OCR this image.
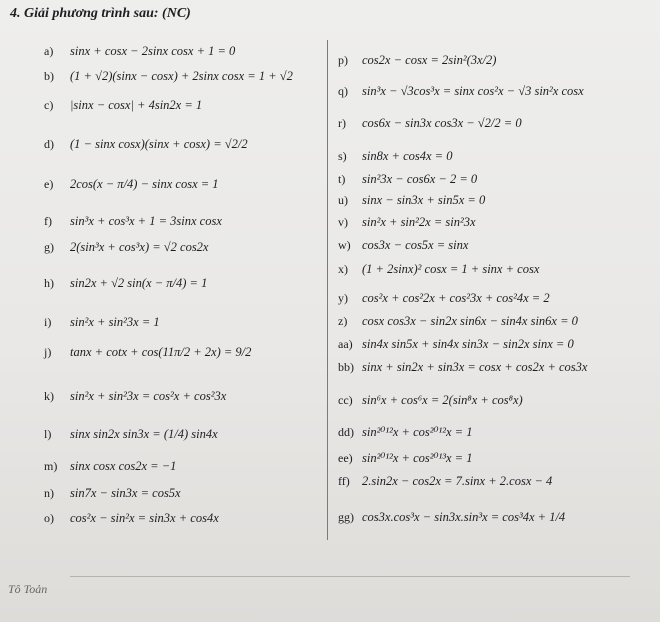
4. Giải phương trình sau: (NC)
a) sinx + cosx − 2sinx cosx + 1 = 0
b) (1 + √2)(sinx − cosx) + 2sinx cosx = 1 + √2
c) |sinx − cosx| + 4sin2x = 1
d) (1 − sinx cosx)(sinx + cosx) = √2/2
e) 2cos(x − π/4) − sinx cosx = 1
f) sin³x + cos³x + 1 = 3sinx cosx
g) 2(sin³x + cos³x) = √2 cos2x
h) sin2x + √2 sin(x − π/4) = 1
i) sin²x + sin²3x = 1
j) tanx + cotx + cos(11π/2 + 2x) = 9/2
k) sin²x + sin²3x = cos²x + cos²3x
l) sinx sin2x sin3x = (1/4) sin4x
m) sinx cosx cos2x = −1
n) sin7x − sin3x = cos5x
o) cos²x − sin²x = sin3x + cos4x
p) cos2x − cosx = 2sin²(3x/2)
q) sin³x − √3cos³x = sinx cos²x − √3 sin²x cosx
r) cos6x − sin3x cos3x − √2/2 = 0
s) sin8x + cos4x = 0
t) sin²3x − cos6x − 2 = 0
u) sinx − sin3x + sin5x = 0
v) sin²x + sin²2x = sin²3x
w) cos3x − cos5x = sinx
x) (1 + 2sinx)² cosx = 1 + sinx + cosx
y) cos²x + cos²2x + cos²3x + cos²4x = 2
z) cosx cos3x − sin2x sin6x − sin4x sin6x = 0
aa) sin4x sin5x + sin4x sin3x − sin2x sinx = 0
bb) sinx + sin2x + sin3x = cosx + cos2x + cos3x
cc) sin⁶x + cos⁶x = 2(sin⁸x + cos⁸x)
dd) sin²⁰¹²x + cos²⁰¹²x = 1
ee) sin²⁰¹²x + cos²⁰¹³x = 1
ff) 2.sin2x − cos2x = 7.sinx + 2.cosx − 4
gg) cos3x.cos³x − sin3x.sin³x = cos³4x + 1/4
Tô Toản
